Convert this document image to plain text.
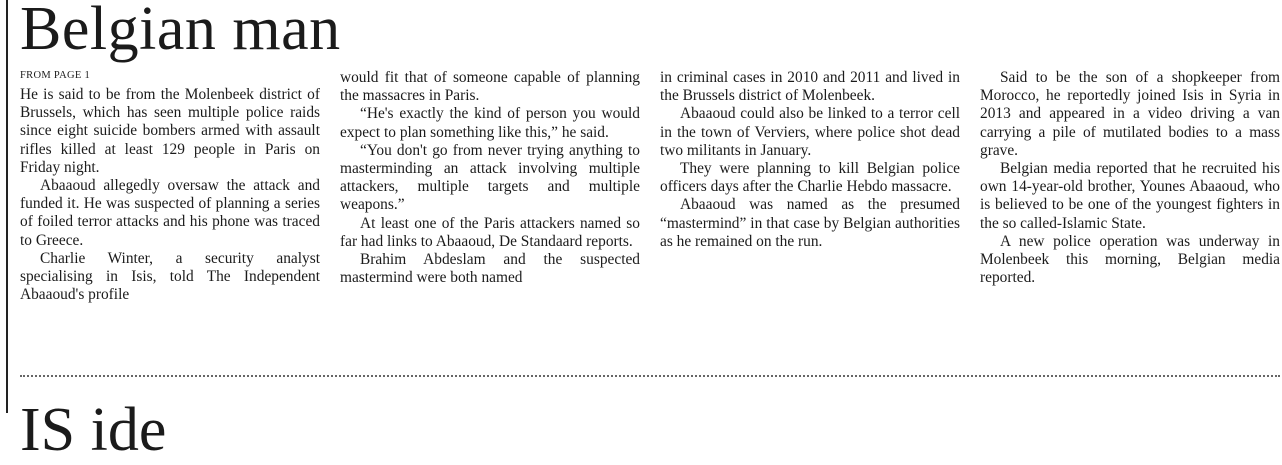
Belgian man
FROM PAGE 1

He is said to be from the Molenbeek district of Brussels, which has seen multiple police raids since eight suicide bombers armed with assault rifles killed at least 129 people in Paris on Friday night.

Abaaoud allegedly oversaw the attack and funded it. He was suspected of planning a series of foiled terror attacks and his phone was traced to Greece.

Charlie Winter, a security analyst specialising in Isis, told The Independent Abaaoud's profile

would fit that of someone capable of planning the massacres in Paris.

“He's exactly the kind of person you would expect to plan something like this,” he said.

“You don't go from never trying anything to masterminding an attack involving multiple attackers, multiple targets and multiple weapons.”

At least one of the Paris attackers named so far had links to Abaaoud, De Standaard reports.

Brahim Abdeslam and the suspected mastermind were both named

in criminal cases in 2010 and 2011 and lived in the Brussels district of Molenbeek.

Abaaoud could also be linked to a terror cell in the town of Verviers, where police shot dead two militants in January.

They were planning to kill Belgian police officers days after the Charlie Hebdo massacre.

Abaaoud was named as the presumed “mastermind” in that case by Belgian authorities as he remained on the run.

Said to be the son of a shopkeeper from Morocco, he reportedly joined Isis in Syria in 2013 and appeared in a video driving a van carrying a pile of mutilated bodies to a mass grave.

Belgian media reported that he recruited his own 14-year-old brother, Younes Abaaoud, who is believed to be one of the youngest fighters in the so called-Islamic State.

A new police operation was underway in Molenbeek this morning, Belgian media reported.

IS ide
